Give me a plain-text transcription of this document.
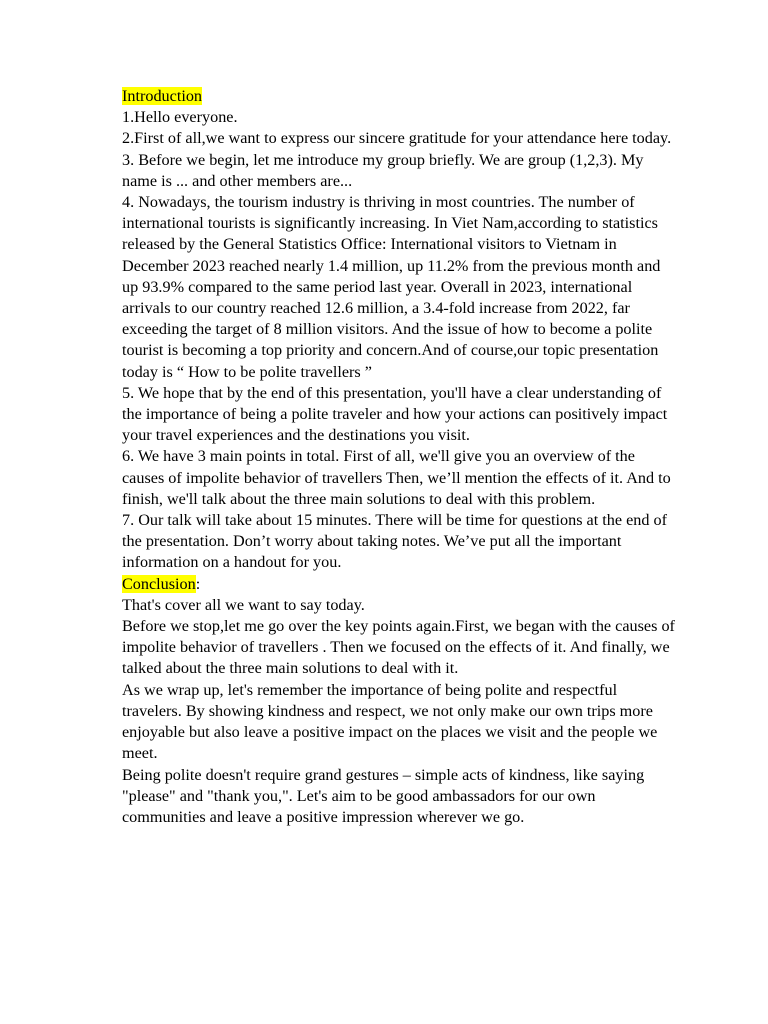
Introduction

1.Hello everyone.

2.First of all,we want to express our sincere gratitude for your attendance here today.

3. Before we begin, let me introduce my group briefly. We are group (1,2,3). My name is ... and other members are...

4. Nowadays, the tourism industry is thriving in most countries. The number of international tourists is significantly increasing. In Viet Nam,according to statistics released by the General Statistics Office: International visitors to Vietnam in December 2023 reached nearly 1.4 million, up 11.2% from the previous month and up 93.9% compared to the same period last year. Overall in 2023, international arrivals to our country reached 12.6 million, a 3.4-fold increase from 2022, far exceeding the target of 8 million visitors. And the issue of how to become a polite tourist is becoming a top priority and concern.And of course,our topic presentation today is “ How to be polite travellers ”

5. We hope that by the end of this presentation, you'll have a clear understanding of the importance of being a polite traveler and how your actions can positively impact your travel experiences and the destinations you visit.

6. We have 3 main points in total. First of all, we'll give you an overview of the causes of impolite behavior of travellers Then, we’ll mention the effects of it. And to finish, we'll talk about the three main solutions to deal with this problem.

7. Our talk will take about 15 minutes. There will be time for questions at the end of the presentation. Don’t worry about taking notes. We’ve put all the important information on a handout for you.

Conclusion:

That's cover all we want to say today.

Before we stop,let me go over the key points again.First, we began with the causes of impolite behavior of travellers . Then we focused on the effects of it. And finally, we talked about the three main solutions to deal with it.

As we wrap up, let's remember the importance of being polite and respectful travelers. By showing kindness and respect, we not only make our own trips more enjoyable but also leave a positive impact on the places we visit and the people we meet.

Being polite doesn't require grand gestures – simple acts of kindness, like saying "please" and "thank you,". Let's aim to be good ambassadors for our own communities and leave a positive impression wherever we go.
